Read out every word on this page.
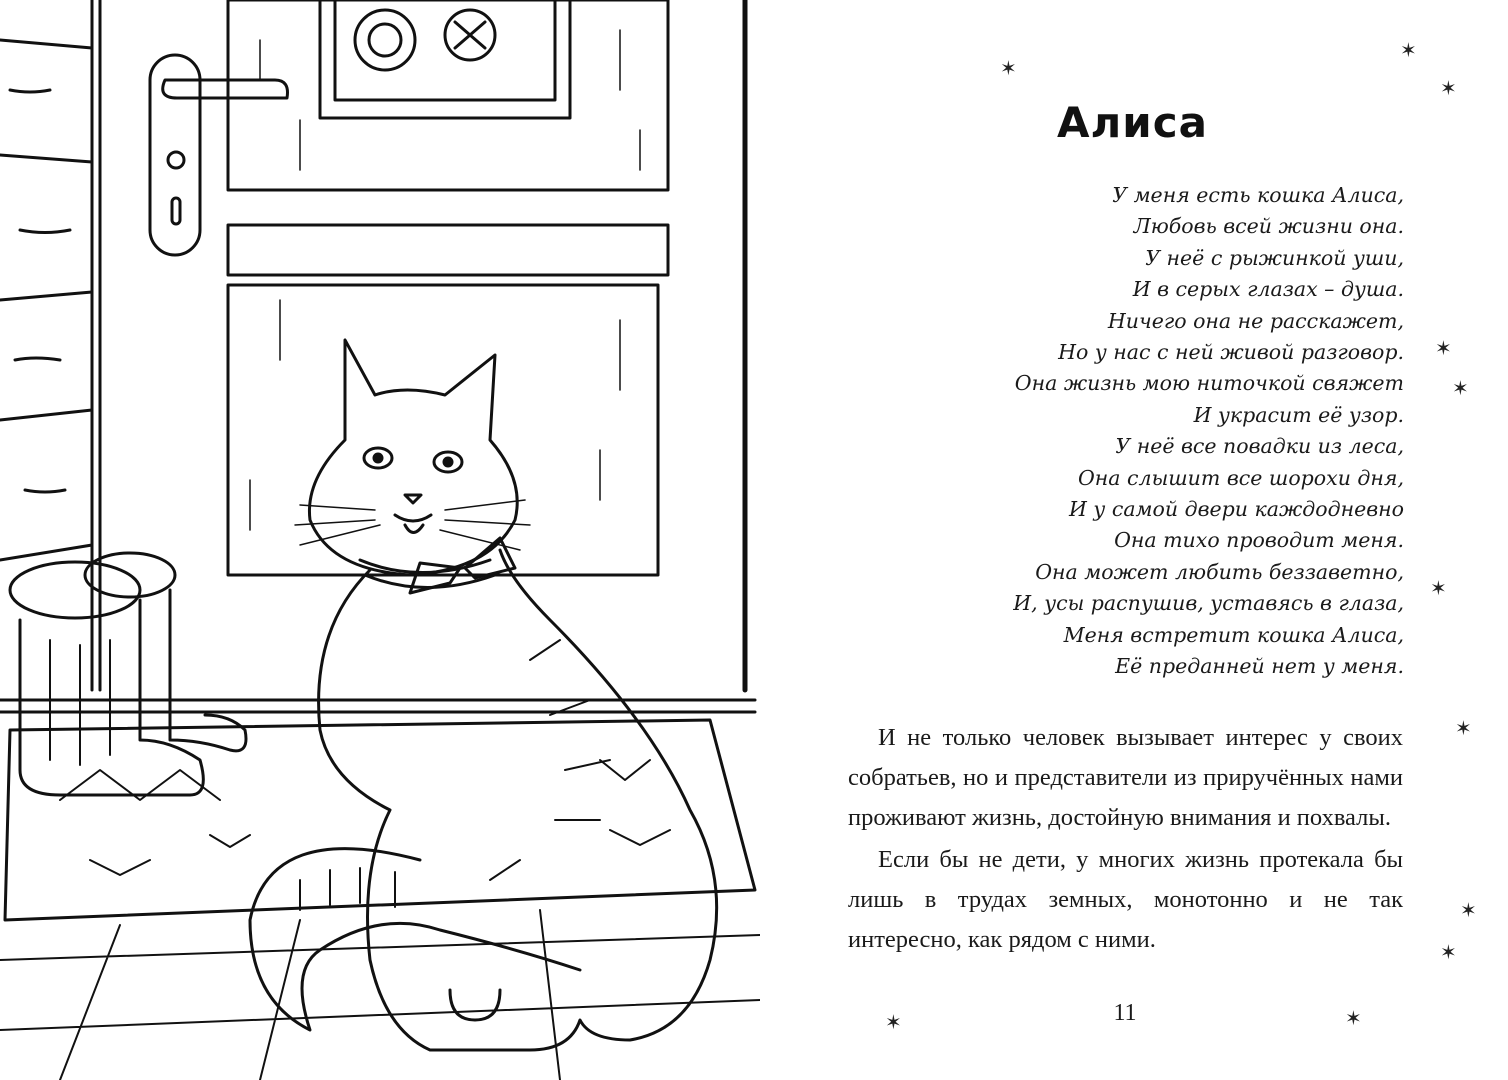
✶
✶
✶
✶
✶
✶
✶
✶
✶
✶	✶
Алиса
У меня есть кошка Алиса,
Любовь всей жизни она.
У неё с рыжинкой уши,
И в серых глазах – душа.
Ничего она не расскажет,
Но у нас с ней живой разговор.
Она жизнь мою ниточкой свяжет
И украсит её узор.
У неё все повадки из леса,
Она слышит все шорохи дня,
И у самой двери каждодневно
Она тихо проводит меня.
Она может любить беззаветно,
И, усы распушив, уставясь в глаза,
Меня встретит кошка Алиса,
Её преданней нет у меня.

И не только человек вызывает интерес у своих собратьев, но и представители из приручённых нами проживают жизнь, достойную внимания и похвалы.

Если бы не дети, у многих жизнь протекала бы лишь в трудах земных, монотонно и не так интересно, как рядом с ними.

11
